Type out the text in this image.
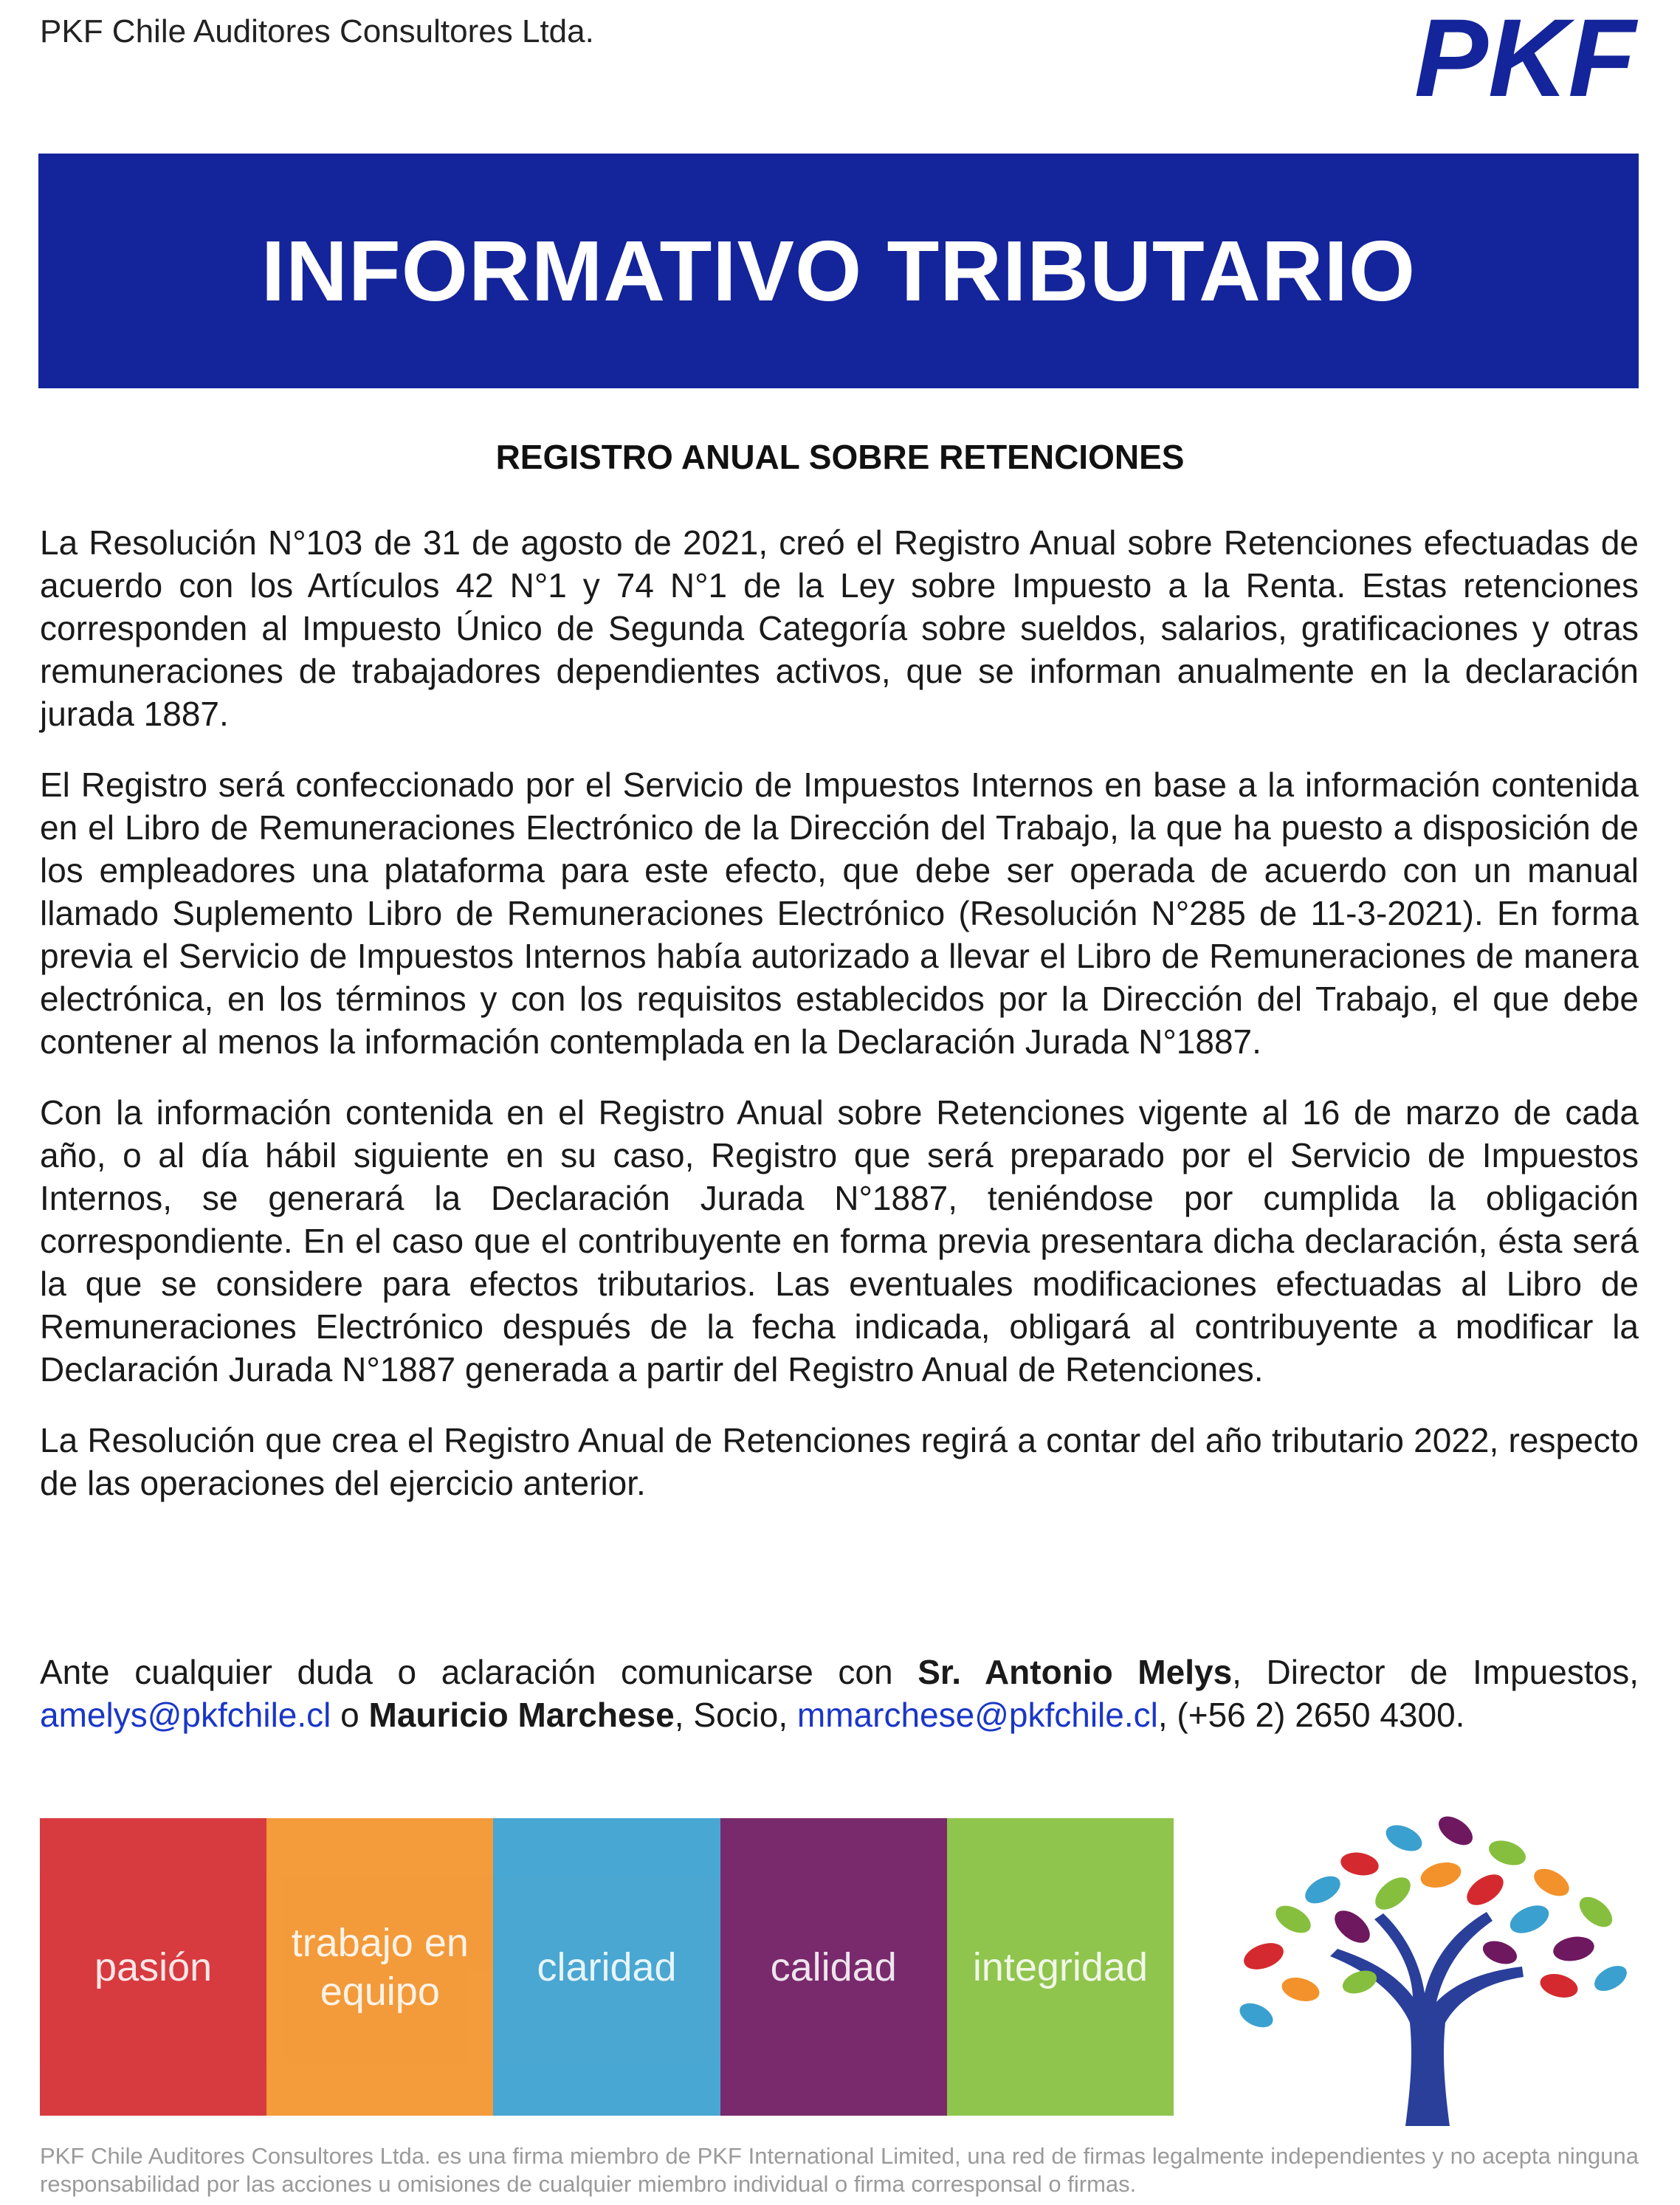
PKF Chile Auditores Consultores Ltda.	PKF
INFORMATIVO TRIBUTARIO
REGISTRO ANUAL SOBRE RETENCIONES

La Resolución N°103 de 31 de agosto de 2021, creó el Registro Anual sobre Retenciones efectuadas de acuerdo con los Artículos 42 N°1 y 74 N°1 de la Ley sobre Impuesto a la Renta. Estas retenciones corresponden al Impuesto Único de Segunda Categoría sobre sueldos, salarios, gratificaciones y otras remuneraciones de trabajadores dependientes activos, que se informan anualmente en la declaración jurada 1887.

El Registro será confeccionado por el Servicio de Impuestos Internos en base a la información contenida en el Libro de Remuneraciones Electrónico de la Dirección del Trabajo, la que ha puesto a disposición de los empleadores una plataforma para este efecto, que debe ser operada de acuerdo con un manual llamado Suplemento Libro de Remuneraciones Electrónico (Resolución N°285 de 11-3-2021). En forma previa el Servicio de Impuestos Internos había autorizado a llevar el Libro de Remuneraciones de manera electrónica, en los términos y con los requisitos establecidos por la Dirección del Trabajo, el que debe contener al menos la información contemplada en la Declaración Jurada N°1887.

Con la información contenida en el Registro Anual sobre Retenciones vigente al 16 de marzo de cada año, o al día hábil siguiente en su caso, Registro que será preparado por el Servicio de Impuestos Internos, se generará la Declaración Jurada N°1887, teniéndose por cumplida la obligación correspondiente. En el caso que el contribuyente en forma previa presentara dicha declaración, ésta será la que se considere para efectos tributarios. Las eventuales modificaciones efectuadas al Libro de Remuneraciones Electrónico después de la fecha indicada, obligará al contribuyente a modificar la Declaración Jurada N°1887 generada a partir del Registro Anual de Retenciones.

La Resolución que crea el Registro Anual de Retenciones regirá a contar del año tributario 2022, respecto de las operaciones del ejercicio anterior.

Ante cualquier duda o aclaración comunicarse con Sr. Antonio Melys, Director de Impuestos, amelys@pkfchile.cl o Mauricio Marchese, Socio, mmarchese@pkfchile.cl, (+56 2) 2650 4300.

pasión
trabajo en
equipo
claridad calidad integridad

PKF Chile Auditores Consultores Ltda. es una firma miembro de PKF International Limited, una red de firmas legalmente independientes y no acepta ninguna responsabilidad por las acciones u omisiones de cualquier miembro individual o firma corresponsal o firmas.
